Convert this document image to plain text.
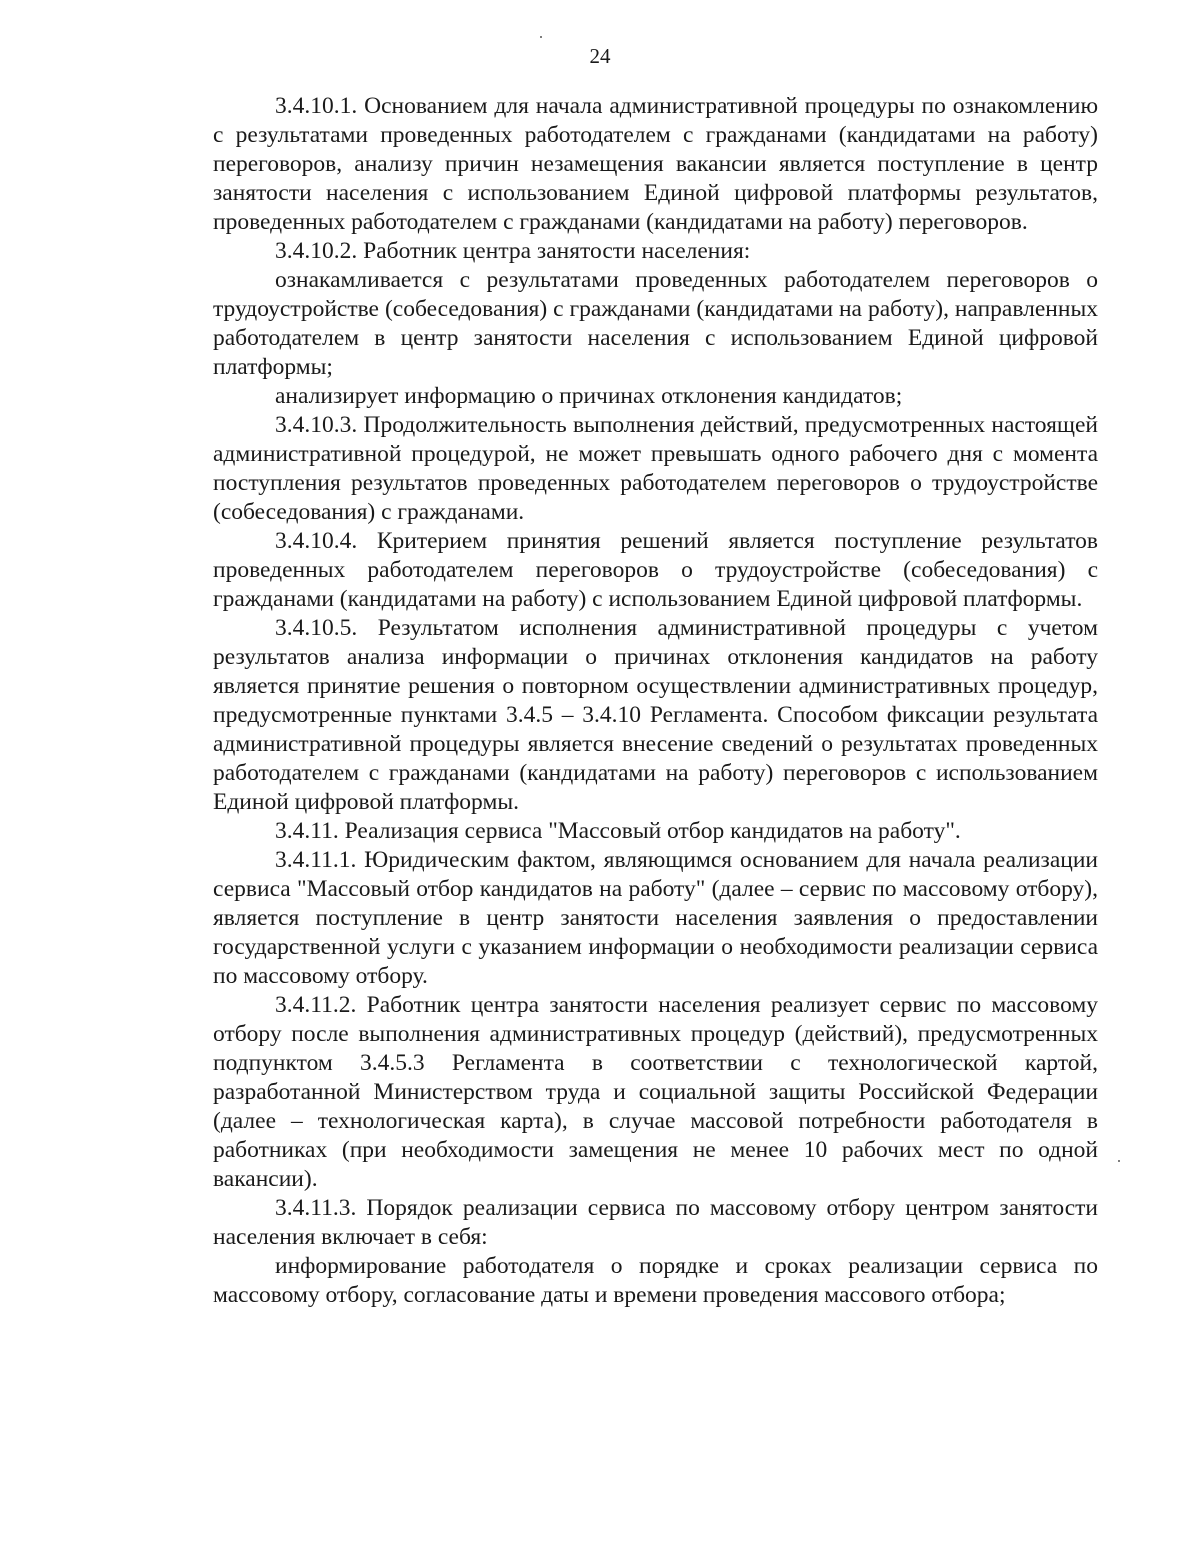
24

3.4.10.1. Основанием для начала административной процедуры по ознакомлению с результатами проведенных работодателем с гражданами (кандидатами на работу) переговоров, анализу причин незамещения вакансии является поступление в центр занятости населения с использованием Единой цифровой платформы результатов, проведенных работодателем с гражданами (кандидатами на работу) переговоров.

3.4.10.2. Работник центра занятости населения:

ознакамливается с результатами проведенных работодателем переговоров о трудоустройстве (собеседования) с гражданами (кандидатами на работу), направленных работодателем в центр занятости населения с использованием Единой цифровой платформы;

анализирует информацию о причинах отклонения кандидатов;

3.4.10.3. Продолжительность выполнения действий, предусмотренных настоящей административной процедурой, не может превышать одного рабочего дня с момента поступления результатов проведенных работодателем переговоров о трудоустройстве (собеседования) с гражданами.

3.4.10.4. Критерием принятия решений является поступление результатов проведенных работодателем переговоров о трудоустройстве (собеседования) с гражданами (кандидатами на работу) с использованием Единой цифровой платформы.

3.4.10.5. Результатом исполнения административной процедуры с учетом результатов анализа информации о причинах отклонения кандидатов на работу является принятие решения о повторном осуществлении административных процедур, предусмотренные пунктами 3.4.5 – 3.4.10 Регламента. Способом фиксации результата административной процедуры является внесение сведений о результатах проведенных работодателем с гражданами (кандидатами на работу) переговоров с использованием Единой цифровой платформы.

3.4.11. Реализация сервиса "Массовый отбор кандидатов на работу".

3.4.11.1. Юридическим фактом, являющимся основанием для начала реализации сервиса "Массовый отбор кандидатов на работу" (далее – сервис по массовому отбору), является поступление в центр занятости населения заявления о предоставлении государственной услуги с указанием информации о необходимости реализации сервиса по массовому отбору.

3.4.11.2. Работник центра занятости населения реализует сервис по массовому отбору после выполнения административных процедур (действий), предусмотренных подпунктом 3.4.5.3 Регламента в соответствии с технологической картой, разработанной Министерством труда и социальной защиты Российской Федерации (далее – технологическая карта), в случае массовой потребности работодателя в работниках (при необходимости замещения не менее 10 рабочих мест по одной вакансии).

3.4.11.3. Порядок реализации сервиса по массовому отбору центром занятости населения включает в себя:

информирование работодателя о порядке и сроках реализации сервиса по массовому отбору, согласование даты и времени проведения массового отбора;
